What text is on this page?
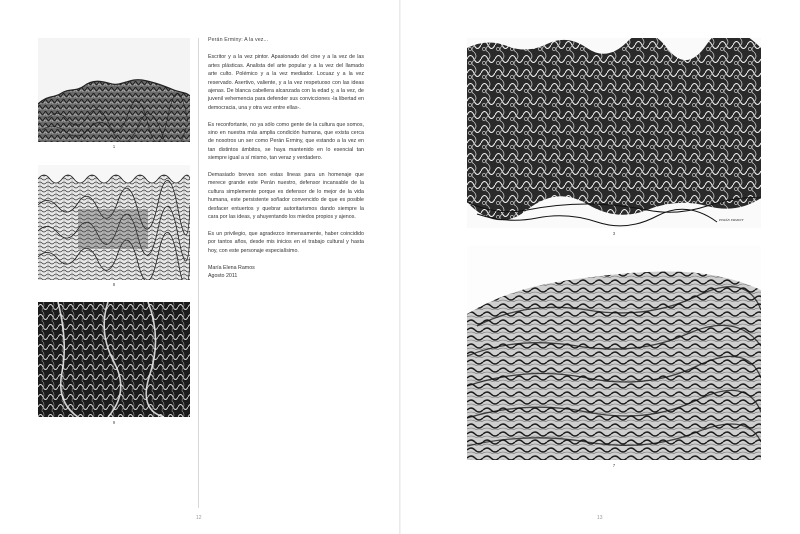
1
8
9
Perán Erminy: A la vez...

Escritor y a la vez pintor. Apasionado del cine y a la vez de las artes plásticas. Analista del arte popular y a la vez del llamado arte culto. Polémico y a la vez mediador. Locuaz y a la vez reservado. Asertivo, valiente, y a la vez respetuoso con las ideas ajenas. De blanca cabellera alcanzada con la edad y, a la vez, de juvenil vehemencia para defender sus convicciones -la libertad en democracia, una y otra vez entre ellas-.

Es reconfortante, no ya sólo como gente de la cultura que somos, sino en nuestra más amplia condición humana, que exista cerca de nosotros un ser como Perán Erminy, que estando a la vez en tan distintos ámbitos, se haya mantenido en lo esencial tan siempre igual a sí mismo, tan veraz y verdadero.

Demasiado breves son estas líneas para un homenaje que merece grande este Perán nuestro, defensor incansable de la cultura simplemente porque es defensor de lo mejor de la vida humana, este persistente soñador convencido de que es posible desfacer entuertos y quebrar autoritarismos dando siempre la cara por las ideas, y ahuyentando los miedos propios y ajenos.

Es un privilegio, que agradezco inmensamente, haber coincidido por tantos años, desde mis inicios en el trabajo cultural y hasta hoy, con este personaje especialísimo.

María Elena Ramos
Agosto 2011
12
PERÁN ERMINY
3
7
13
